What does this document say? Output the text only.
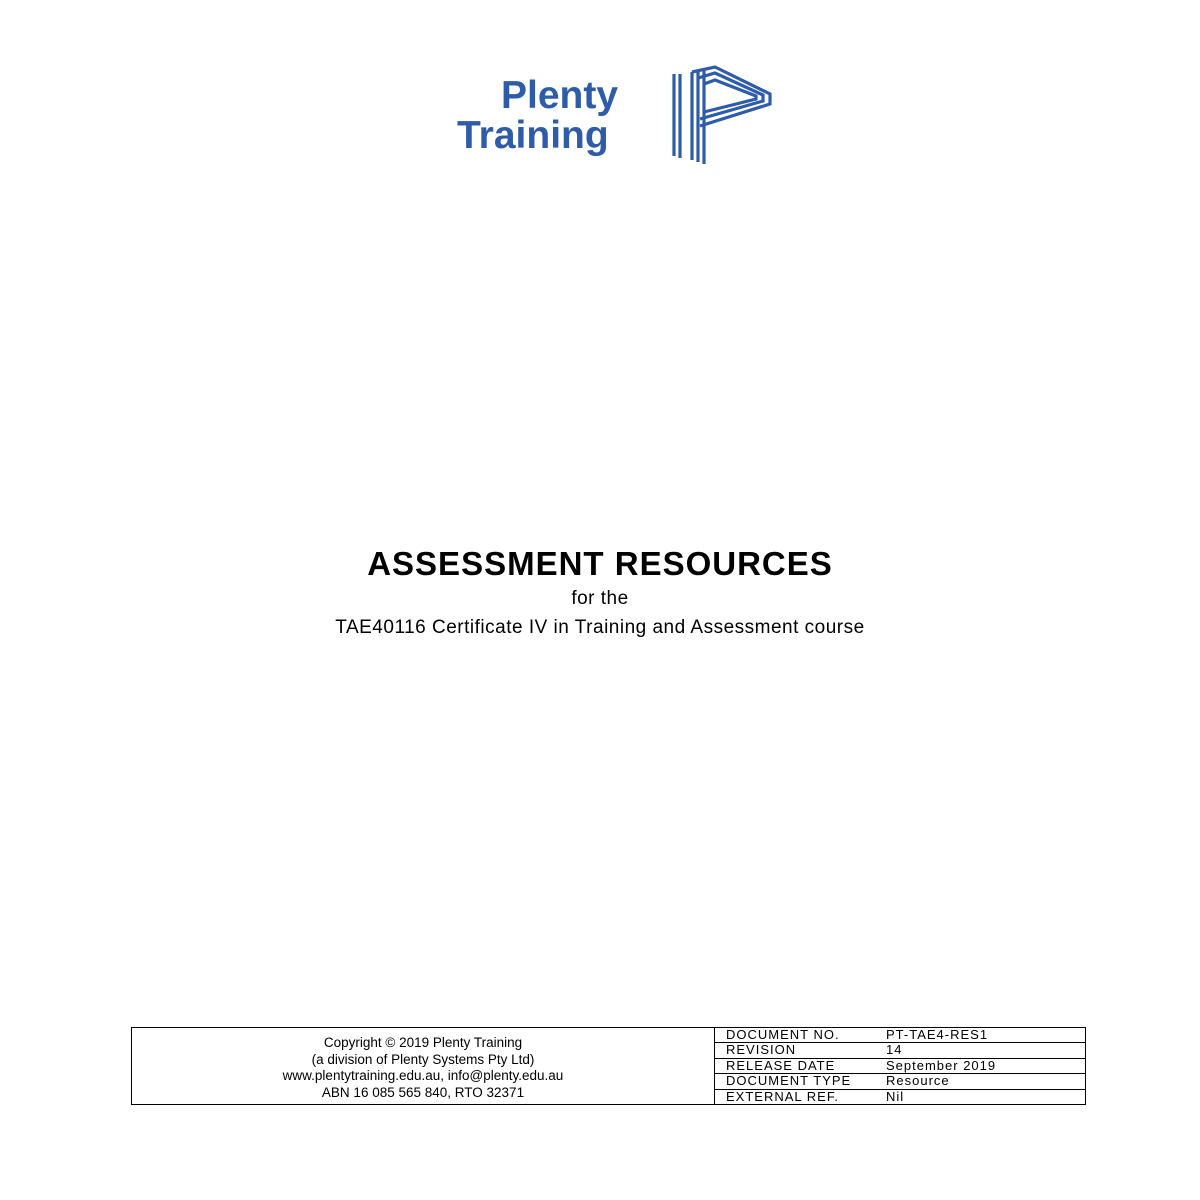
Plenty
Training
ASSESSMENT RESOURCES

for the

TAE40116 Certificate IV in Training and Assessment course

Copyright © 2019 Plenty Training
(a division of Plenty Systems Pty Ltd)
www.plentytraining.edu.au, info@plenty.edu.au
ABN 16 085 565 840, RTO 32371
DOCUMENT NO.	PT-TAE4-RES1
REVISION	14
RELEASE DATE	September 2019
DOCUMENT TYPE	Resource
EXTERNAL REF.	Nil
